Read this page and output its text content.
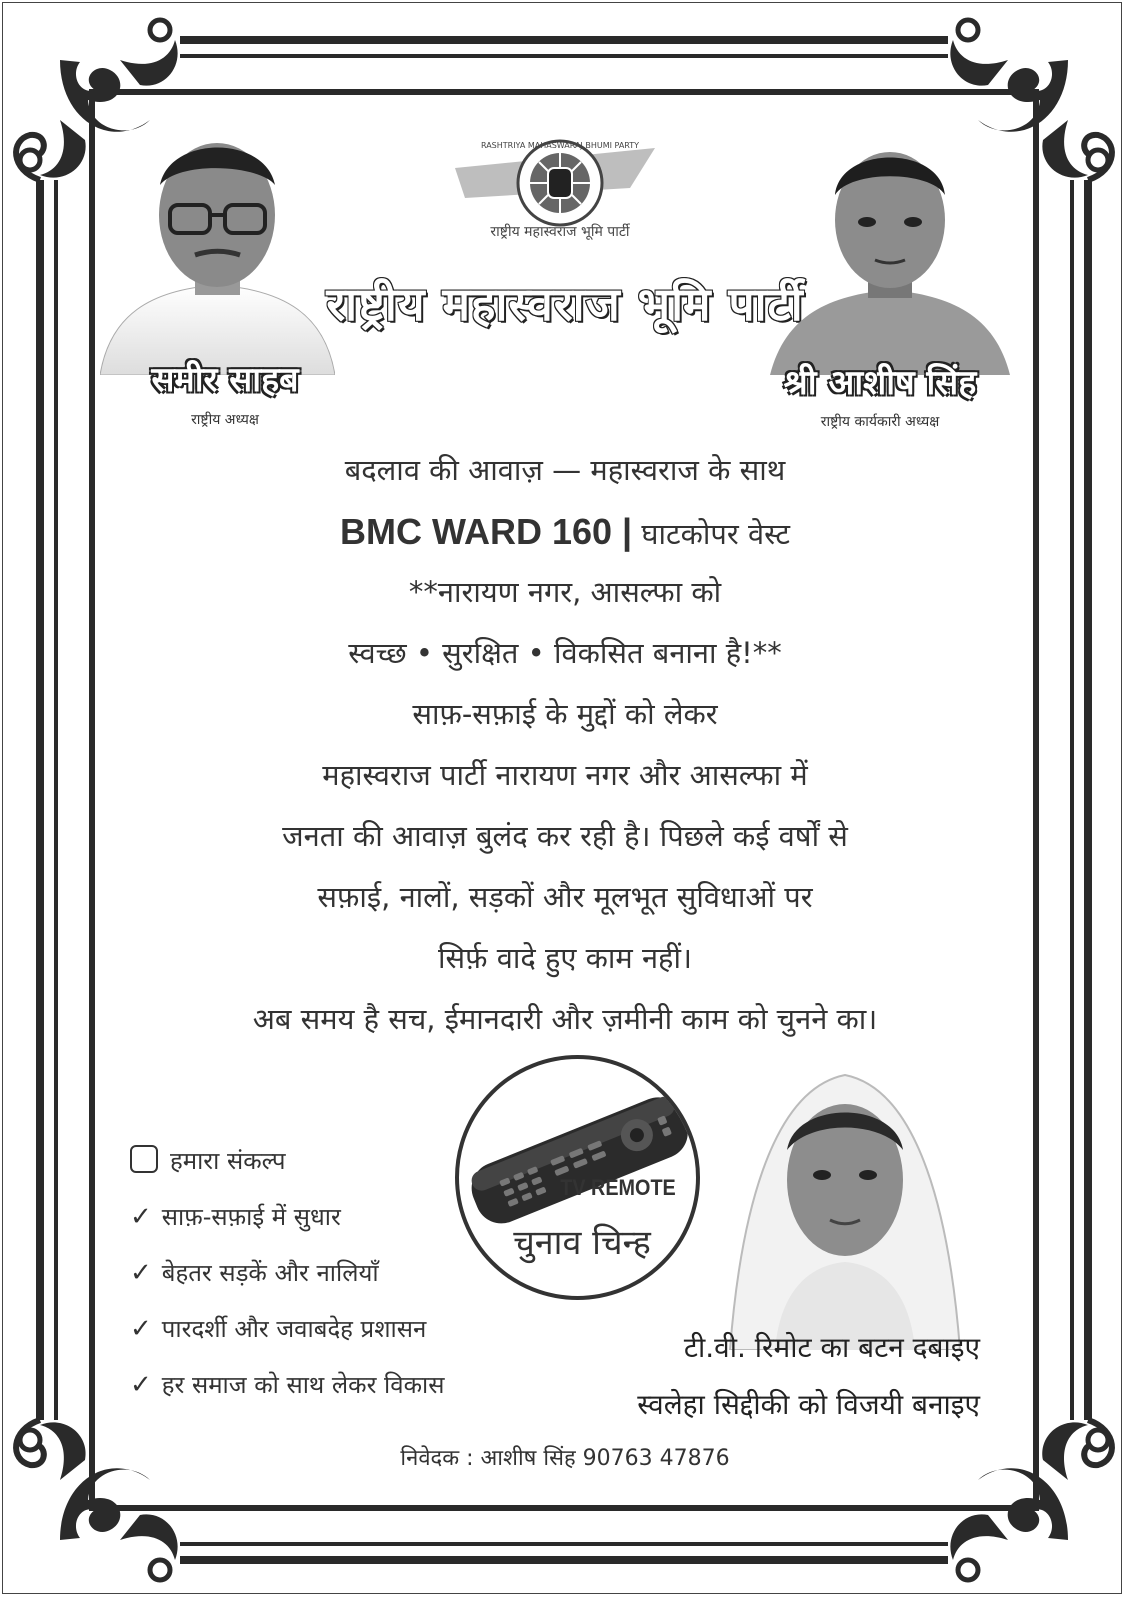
RASHTRIYA MAHASWARAJ BHUMI PARTY
राष्ट्रीय महास्वराज भूमि पार्टी
राष्ट्रीय महास्वराज भूमि पार्टी
समीर साहब
राष्ट्रीय अध्यक्ष
श्री आशीष सिंह
राष्ट्रीय कार्यकारी अध्यक्ष
बदलाव की आवाज़ — महास्वराज के साथ
BMC WARD 160 | घाटकोपर वेस्ट
**नारायण नगर, आसल्फा को
स्वच्छ • सुरक्षित • विकसित बनाना है!**
साफ़-सफ़ाई के मुद्दों को लेकर
महास्वराज पार्टी नारायण नगर और आसल्फा में
जनता की आवाज़ बुलंद कर रही है। पिछले कई वर्षों से
सफ़ाई, नालों, सड़कों और मूलभूत सुविधाओं पर
सिर्फ़ वादे हुए काम नहीं।
अब समय है सच, ईमानदारी और ज़मीनी काम को चुनने का।
हमारा संकल्प
✓ साफ़-सफ़ाई में सुधार
✓ बेहतर सड़कें और नालियाँ
✓ पारदर्शी और जवाबदेह प्रशासन
✓ हर समाज को साथ लेकर विकास
TV REMOTE
चुनाव चिन्ह
टी.वी. रिमोट का बटन दबाइए
स्वलेहा सिद्दीकी को विजयी बनाइए
निवेदक : आशीष सिंह 90763 47876
